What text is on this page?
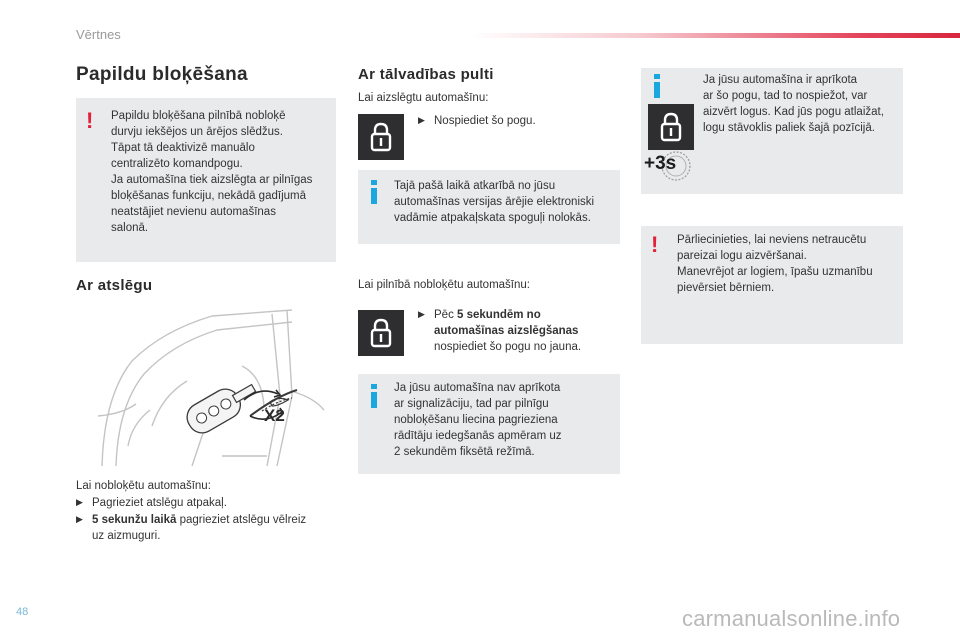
Vērtnes
Papildu bloķēšana
! Papildu bloķēšana pilnībā nobloķē
durvju iekšējos un ārējos slēdžus.
Tāpat tā deaktivizē manuālo
centralizēto komandpogu.
Ja automašīna tiek aizslēgta ar pilnīgas
bloķēšanas funkciju, nekādā gadījumā
neatstājiet nevienu automašīnas
salonā.
Ar atslēgu
X2
Lai nobloķētu automašīnu:
▶ Pagrieziet atslēgu atpakaļ.
▶ 5 sekunžu laikā pagrieziet atslēgu vēlreiz
uz aizmuguri.
Ar tālvadības pulti
Lai aizslēgtu automašīnu:
▶ Nospiediet šo pogu.
Tajā pašā laikā atkarībā no jūsu
automašīnas versijas ārējie elektroniski
vadāmie atpakaļskata spoguļi nolokās.
Lai pilnībā nobloķētu automašīnu:
▶ Pēc 5 sekundēm no
automašīnas aizslēgšanas
nospiediet šo pogu no jauna.
Ja jūsu automašīna nav aprīkota
ar signalizāciju, tad par pilnīgu
nobloķēšanu liecina pagrieziena
rādītāju iedegšanās apmēram uz
2 sekundēm fiksētā režīmā.
+3s
Ja jūsu automašīna ir aprīkota
ar šo pogu, tad to nospiežot, var
aizvērt logus. Kad jūs pogu atlaižat,
logu stāvoklis paliek šajā pozīcijā.
! Pārliecinieties, lai neviens netraucētu
pareizai logu aizvēršanai.
Manevrējot ar logiem, īpašu uzmanību
pievērsiet bērniem.
48	carmanualsonline.info
